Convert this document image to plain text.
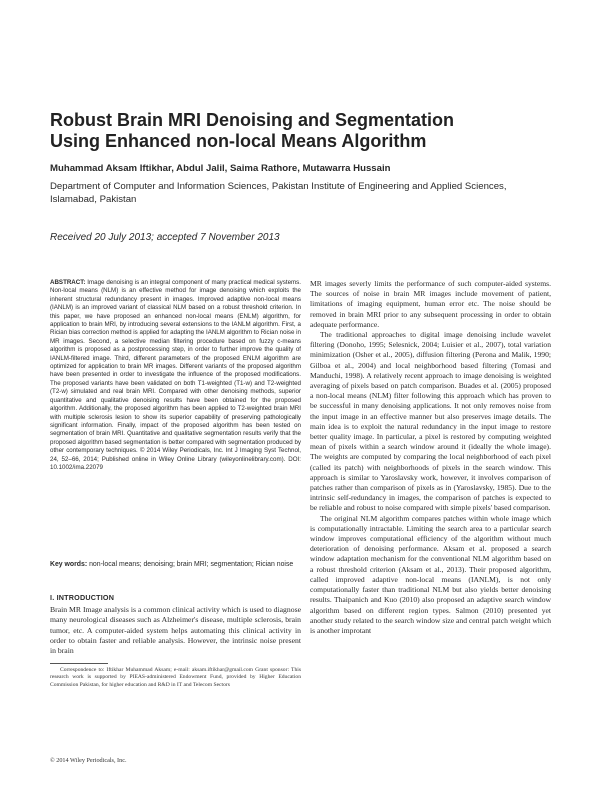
Robust Brain MRI Denoising and Segmentation Using Enhanced non-local Means Algorithm
Muhammad Aksam Iftikhar, Abdul Jalil, Saima Rathore, Mutawarra Hussain
Department of Computer and Information Sciences, Pakistan Institute of Engineering and Applied Sciences, Islamabad, Pakistan
Received 20 July 2013; accepted 7 November 2013
ABSTRACT: Image denoising is an integral component of many practical medical systems. Non-local means (NLM) is an effective method for image denoising which exploits the inherent structural redundancy present in images. Improved adaptive non-local means (IANLM) is an improved variant of classical NLM based on a robust threshold criterion. In this paper, we have proposed an enhanced non-local means (ENLM) algorithm, for application to brain MRI, by introducing several extensions to the IANLM algorithm. First, a Rician bias correction method is applied for adapting the IANLM algorithm to Rician noise in MR images. Second, a selective median filtering procedure based on fuzzy c-means algorithm is proposed as a postprocessing step, in order to further improve the quality of IANLM-filtered image. Third, different parameters of the proposed ENLM algorithm are optimized for application to brain MR images. Different variants of the proposed algorithm have been presented in order to investigate the influence of the proposed modifications. The proposed variants have been validated on both T1-weighted (T1-w) and T2-weighted (T2-w) simulated and real brain MRI. Compared with other denoising methods, superior quantitative and qualitative denoising results have been obtained for the proposed algorithm. Additionally, the proposed algorithm has been applied to T2-weighted brain MRI with multiple sclerosis lesion to show its superior capability of preserving pathologically significant information. Finally, impact of the proposed algorithm has been tested on segmentation of brain MRI. Quantitative and qualitative segmentation results verify that the proposed algorithm based segmentation is better compared with segmentation produced by other contemporary techniques. © 2014 Wiley Periodicals, Inc. Int J Imaging Syst Technol, 24, 52–66, 2014; Published online in Wiley Online Library (wileyonlinelibrary.com). DOI: 10.1002/ima.22079
Key words: non-local means; denoising; brain MRI; segmentation; Rician noise
I. INTRODUCTION
Brain MR Image analysis is a common clinical activity which is used to diagnose many neurological diseases such as Alzheimer's disease, multiple sclerosis, brain tumor, etc. A computer-aided system helps automating this clinical activity in order to obtain faster and reliable analysis. However, the intrinsic noise present in brain
Correspondence to: Iftikhar Muhammad Aksam; e-mail: aksam.iftikhar@gmail.com Grant sponsor: This research work is supported by PIEAS-administered Endowment Fund, provided by Higher Education Commission Pakistan, for higher education and R&D in IT and Telecom Sectors
© 2014 Wiley Periodicals, Inc.

MR images severly limits the performance of such computer-aided systems. The sources of noise in brain MR images include movement of patient, limitations of imaging equipment, human error etc. The noise should be removed in brain MRI prior to any subsequent processing in order to obtain adequate performance.

The traditional approaches to digital image denoising include wavelet filtering (Donoho, 1995; Selesnick, 2004; Luisier et al., 2007), total variation minimization (Osher et al., 2005), diffusion filtering (Perona and Malik, 1990; Gilboa et al., 2004) and local neighborhood based filtering (Tomasi and Manduchi, 1998). A relatively recent approach to image denoising is weighted averaging of pixels based on patch comparison. Buades et al. (2005) proposed a non-local means (NLM) filter following this approach which has proven to be successful in many denoising applications. It not only removes noise from the input image in an effective manner but also preserves image details. The main idea is to exploit the natural redundancy in the input image to restore better quality image. In particular, a pixel is restored by computing weighted mean of pixels within a search window around it (ideally the whole image). The weights are computed by comparing the local neighborhood of each pixel (called its patch) with neighborhoods of pixels in the search window. This approach is similar to Yaroslavsky work, however, it involves comparison of patches rather than comparison of pixels as in (Yaroslavsky, 1985). Due to the intrinsic self-redundancy in images, the comparison of patches is expected to be reliable and robust to noise compared with simple pixels' based comparison.

The original NLM algorithm compares patches within whole image which is computationally intractable. Limiting the search area to a particular search window improves computational efficiency of the algorithm without much deterioration of denoising performance. Aksam et al. proposed a search window adaptation mechanism for the conventional NLM algorithm based on a robust threshold criterion (Aksam et al., 2013). Their proposed algorithm, called improved adaptive non-local means (IANLM), is not only computationally faster than traditional NLM but also yields better denoising results. Thaipanich and Kuo (2010) also proposed an adaptive search window algorithm based on different region types. Salmon (2010) presented yet another study related to the search window size and central patch weight which is another improtant
